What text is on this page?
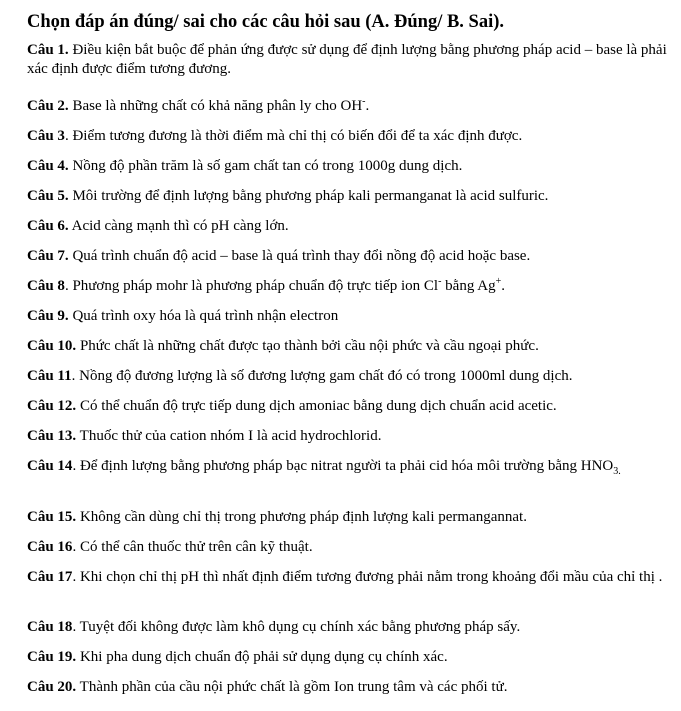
Chọn đáp án đúng/ sai cho các câu hỏi sau (A. Đúng/ B. Sai).
Câu 1. Điều kiện bắt buộc để phản ứng được sử dụng để định lượng bằng phương pháp acid – base là phải xác định được điểm tương đương.
Câu 2. Base là những chất có khả năng phân ly cho OH-.
Câu 3. Điểm tương đương là thời điểm mà chỉ thị có biến đổi để ta xác định được.
Câu 4. Nồng độ phần trăm là số gam chất tan có trong 1000g dung dịch.
Câu 5. Môi trường để định lượng bằng phương pháp kali permanganat là acid sulfuric.
Câu 6. Acid càng mạnh thì có pH càng lớn.
Câu 7. Quá trình chuẩn độ acid – base là quá trình thay đổi nồng độ acid hoặc base.
Câu 8. Phương pháp mohr là phương pháp chuẩn độ trực tiếp ion Cl- bằng Ag+.
Câu 9. Quá trình oxy hóa là quá trình nhận electron
Câu 10. Phức chất là những chất được tạo thành bởi cầu nội phức và cầu ngoại phức.
Câu 11. Nồng độ đương lượng là số đương lượng gam chất đó có trong 1000ml dung dịch.
Câu 12. Có thể chuẩn độ trực tiếp dung dịch amoniac bằng dung dịch chuẩn acid acetic.
Câu 13. Thuốc thử của cation nhóm I là acid hydrochlorid.
Câu 14. Để định lượng bằng phương pháp bạc nitrat người ta phải cid hóa môi trường bằng $HNO_{3.}$
Câu 15. Không cần dùng chỉ thị trong phương pháp định lượng kali permangannat.
Câu 16. Có thể cân thuốc thử trên cân kỹ thuật.
Câu 17. Khi chọn chỉ thị pH thì nhất định điểm tương đương phải nằm trong khoảng đổi mầu của chỉ thị .
Câu 18. Tuyệt đối không được làm khô dụng cụ chính xác bằng phương pháp sấy.
Câu 19. Khi pha dung dịch chuẩn độ phải sử dụng dụng cụ chính xác.
Câu 20. Thành phần của cầu nội phức chất là gồm Ion trung tâm và các phối tử.
